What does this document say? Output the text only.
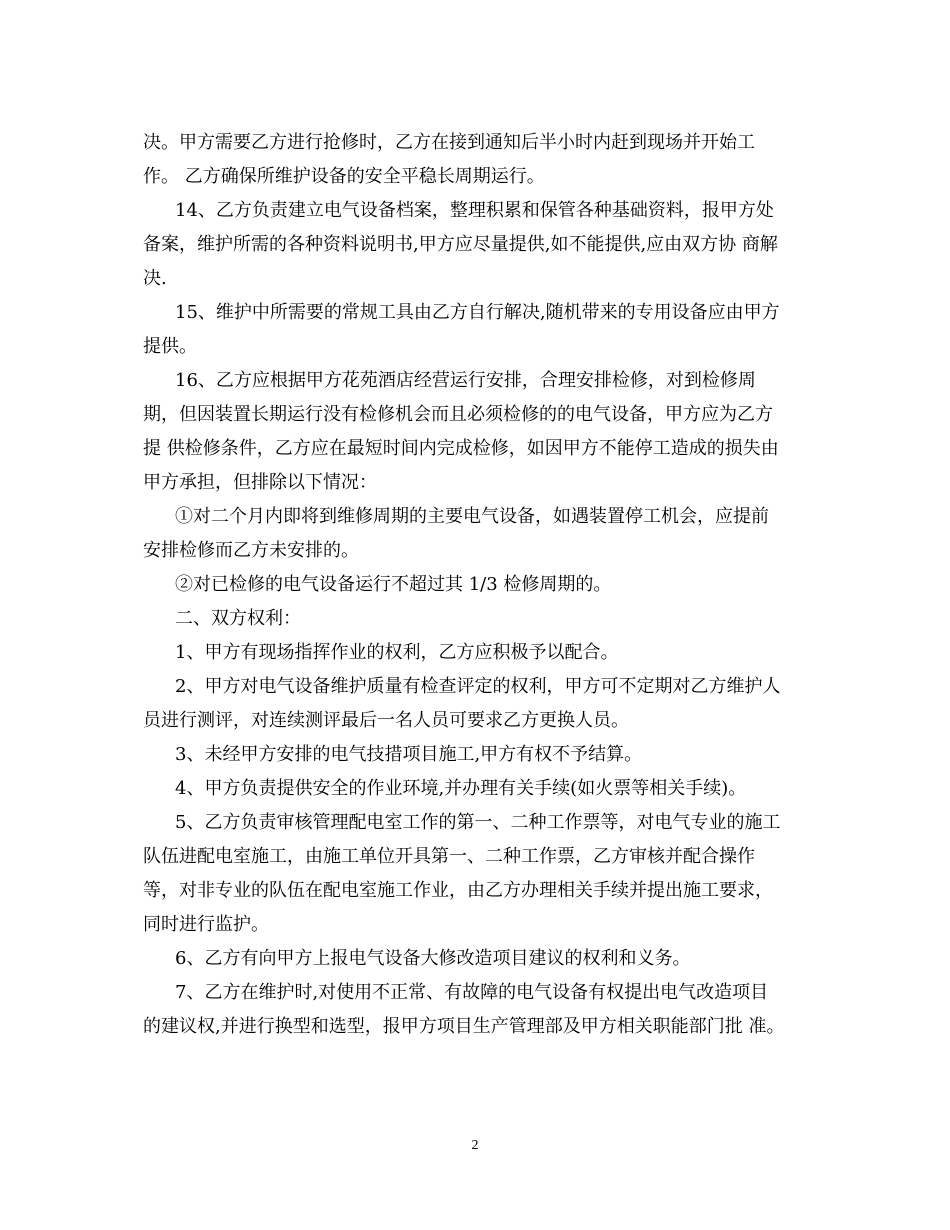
决。甲方需要乙方进行抢修时，乙方在接到通知后半小时内赶到现场并开始工
作。 乙方确保所维护设备的安全平稳长周期运行。
14、乙方负责建立电气设备档案，整理积累和保管各种基础资料，报甲方处
备案，维护所需的各种资料说明书,甲方应尽量提供,如不能提供,应由双方协 商解
决.
15、维护中所需要的常规工具由乙方自行解决,随机带来的专用设备应由甲方
提供。
16、乙方应根据甲方花苑酒店经营运行安排，合理安排检修，对到检修周
期，但因装置长期运行没有检修机会而且必须检修的的电气设备，甲方应为乙方
提 供检修条件，乙方应在最短时间内完成检修，如因甲方不能停工造成的损失由
甲方承担，但排除以下情况：
①对二个月内即将到维修周期的主要电气设备，如遇装置停工机会，应提前
安排检修而乙方未安排的。
②对已检修的电气设备运行不超过其 1/3 检修周期的。
二、双方权利：
1、甲方有现场指挥作业的权利，乙方应积极予以配合。
2、甲方对电气设备维护质量有检查评定的权利，甲方可不定期对乙方维护人
员进行测评，对连续测评最后一名人员可要求乙方更换人员。
3、未经甲方安排的电气技措项目施工,甲方有权不予结算。
4、甲方负责提供安全的作业环境,并办理有关手续(如火票等相关手续)。
5、乙方负责审核管理配电室工作的第一、二种工作票等，对电气专业的施工
队伍进配电室施工，由施工单位开具第一、二种工作票，乙方审核并配合操作
等，对非专业的队伍在配电室施工作业，由乙方办理相关手续并提出施工要求，
同时进行监护。
6、乙方有向甲方上报电气设备大修改造项目建议的权利和义务。
7、乙方在维护时,对使用不正常、有故障的电气设备有权提出电气改造项目
的建议权,并进行换型和选型，报甲方项目生产管理部及甲方相关职能部门批 准。
2
